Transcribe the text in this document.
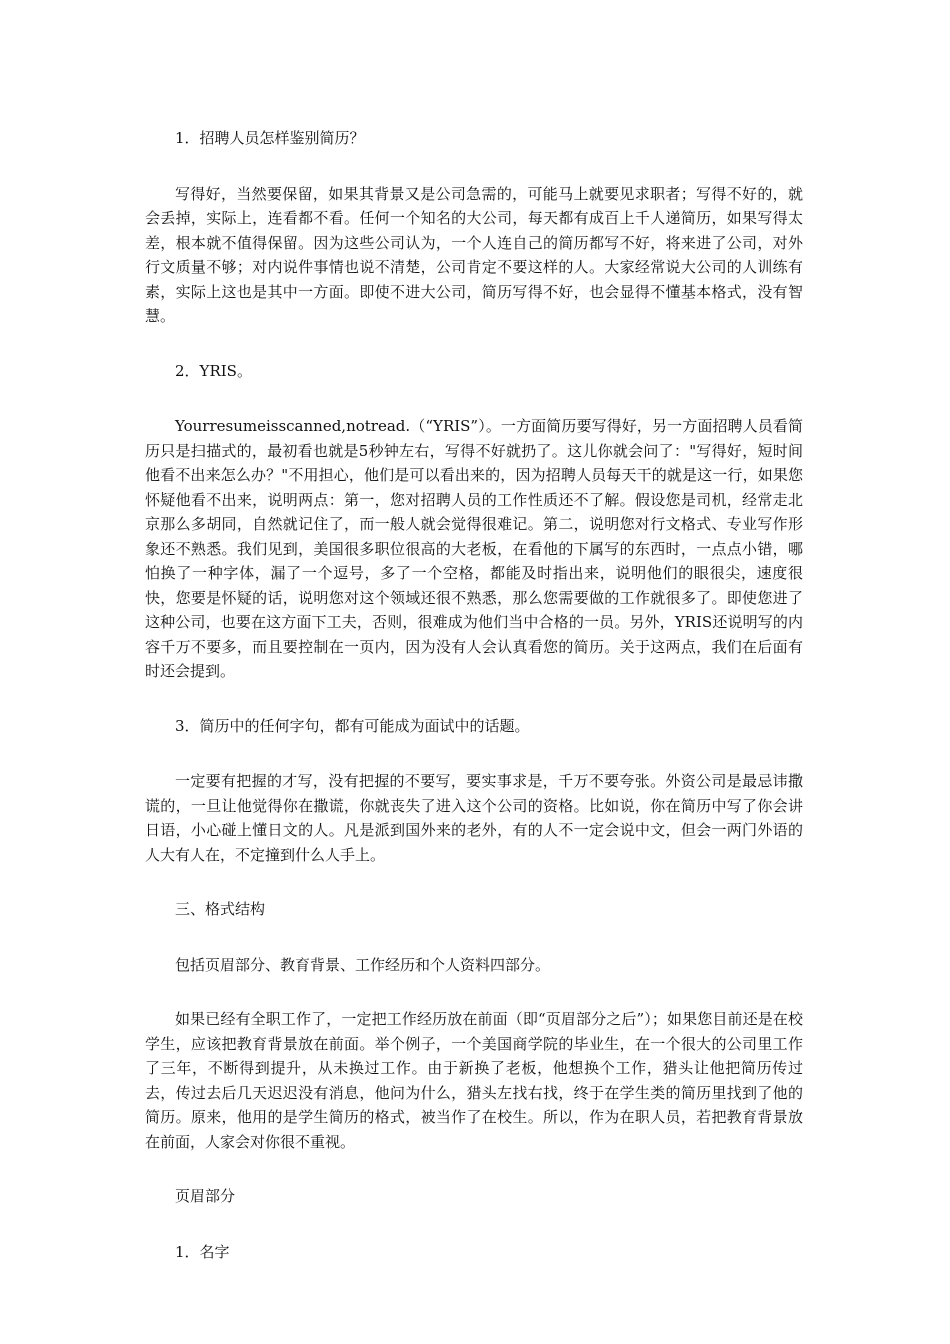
1．招聘人员怎样鉴别简历？

写得好，当然要保留，如果其背景又是公司急需的，可能马上就要见求职者；写得不好的，就会丢掉，实际上，连看都不看。任何一个知名的大公司，每天都有成百上千人递简历，如果写得太差，根本就不值得保留。因为这些公司认为，一个人连自己的简历都写不好，将来进了公司，对外行文质量不够；对内说件事情也说不清楚，公司肯定不要这样的人。大家经常说大公司的人训练有素，实际上这也是其中一方面。即使不进大公司，简历写得不好，也会显得不懂基本格式，没有智慧。

2．YRIS。

Yourresumeisscanned,notread.（“YRIS”）。一方面简历要写得好，另一方面招聘人员看简历只是扫描式的，最初看也就是5秒钟左右，写得不好就扔了。这儿你就会问了："写得好，短时间他看不出来怎么办？"不用担心，他们是可以看出来的，因为招聘人员每天干的就是这一行，如果您怀疑他看不出来，说明两点：第一，您对招聘人员的工作性质还不了解。假设您是司机，经常走北京那么多胡同，自然就记住了，而一般人就会觉得很难记。第二，说明您对行文格式、专业写作形象还不熟悉。我们见到，美国很多职位很高的大老板，在看他的下属写的东西时，一点点小错，哪怕换了一种字体，漏了一个逗号，多了一个空格，都能及时指出来，说明他们的眼很尖，速度很快，您要是怀疑的话，说明您对这个领域还很不熟悉，那么您需要做的工作就很多了。即使您进了这种公司，也要在这方面下工夫，否则，很难成为他们当中合格的一员。另外，YRIS还说明写的内容千万不要多，而且要控制在一页内，因为没有人会认真看您的简历。关于这两点，我们在后面有时还会提到。

3．简历中的任何字句，都有可能成为面试中的话题。

一定要有把握的才写，没有把握的不要写，要实事求是，千万不要夸张。外资公司是最忌讳撒谎的，一旦让他觉得你在撒谎，你就丧失了进入这个公司的资格。比如说，你在简历中写了你会讲日语，小心碰上懂日文的人。凡是派到国外来的老外，有的人不一定会说中文，但会一两门外语的人大有人在，不定撞到什么人手上。

三、格式结构

包括页眉部分、教育背景、工作经历和个人资料四部分。

如果已经有全职工作了，一定把工作经历放在前面（即“页眉部分之后”）；如果您目前还是在校学生，应该把教育背景放在前面。举个例子，一个美国商学院的毕业生，在一个很大的公司里工作了三年，不断得到提升，从未换过工作。由于新换了老板，他想换个工作，猎头让他把简历传过去，传过去后几天迟迟没有消息，他问为什么，猎头左找右找，终于在学生类的简历里找到了他的简历。原来，他用的是学生简历的格式，被当作了在校生。所以，作为在职人员，若把教育背景放在前面，人家会对你很不重视。

页眉部分

1．名字
